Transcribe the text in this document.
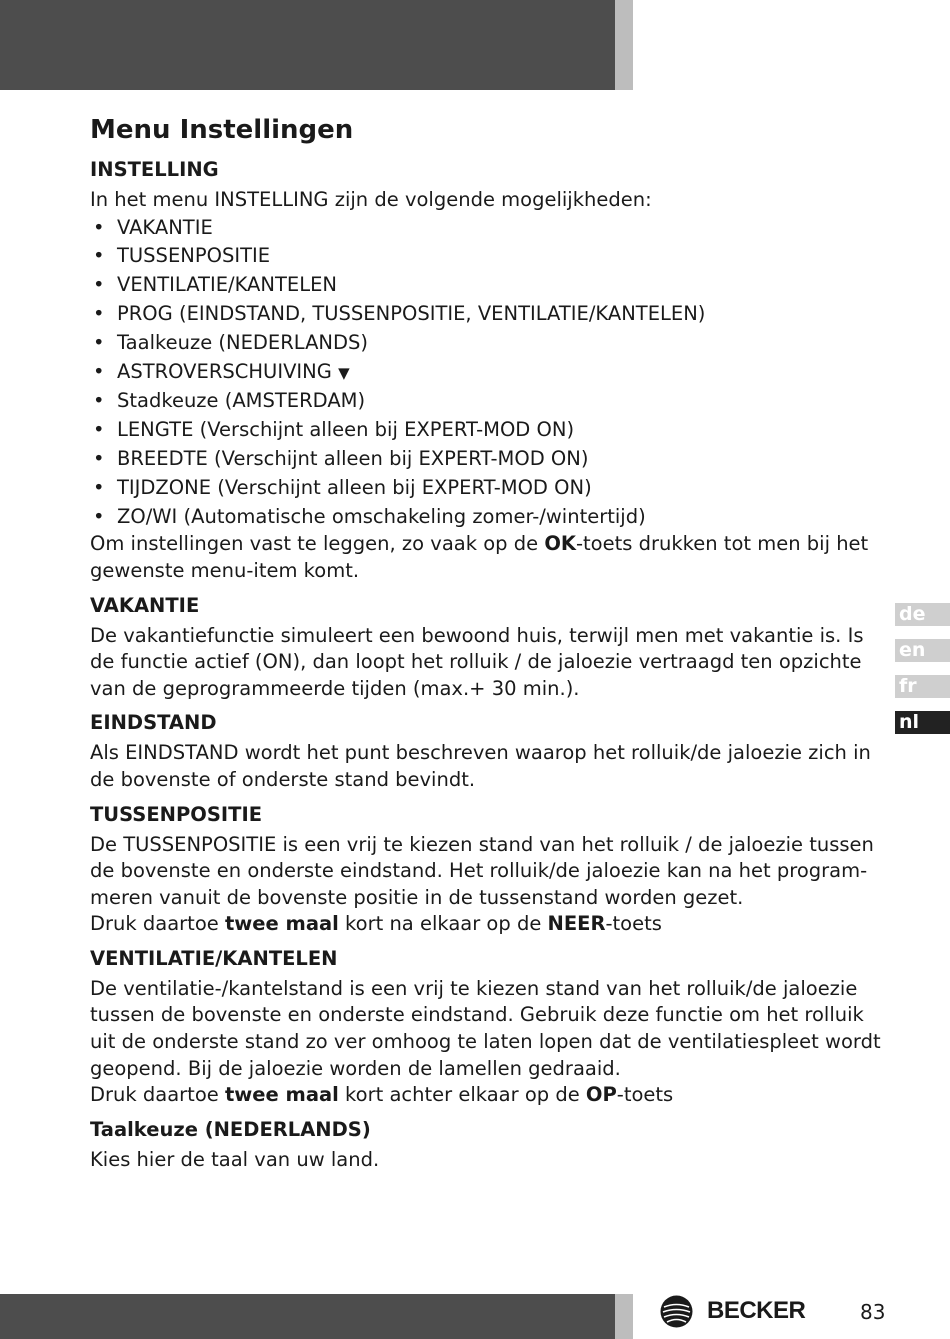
Menu Instellingen
INSTELLING

In het menu INSTELLING zijn de volgende mogelijkheden:

• VAKANTIE
• TUSSENPOSITIE
• VENTILATIE/KANTELEN
• PROG (EINDSTAND, TUSSENPOSITIE, VENTILATIE/KANTELEN)
• Taalkeuze (NEDERLANDS)
• ASTROVERSCHUIVING ▼
• Stadkeuze (AMSTERDAM)
• LENGTE (Verschijnt alleen bij EXPERT-MOD ON)
• BREEDTE (Verschijnt alleen bij EXPERT-MOD ON)
• TIJDZONE (Verschijnt alleen bij EXPERT-MOD ON)
• ZO/WI (Automatische omschakeling zomer-/wintertijd)

Om instellingen vast te leggen, zo vaak op de OK-toets drukken tot men bij het gewenste menu-item komt.

VAKANTIE

De vakantiefunctie simuleert een bewoond huis, terwijl men met vakantie is. Is de functie actief (ON), dan loopt het rolluik / de jaloezie vertraagd ten opzichte van de geprogrammeerde tijden (max.+ 30 min.).

EINDSTAND

Als EINDSTAND wordt het punt beschreven waarop het rolluik/de jaloezie zich in de bovenste of onderste stand bevindt.

TUSSENPOSITIE

De TUSSENPOSITIE is een vrij te kiezen stand van het rolluik / de jaloezie tussen de bovenste en onderste eindstand. Het rolluik/de jaloezie kan na het program-meren vanuit de bovenste positie in de tussenstand worden gezet.

Druk daartoe twee maal kort na elkaar op de NEER-toets

VENTILATIE/KANTELEN

De ventilatie-/kantelstand is een vrij te kiezen stand van het rolluik/de jaloezie tussen de bovenste en onderste eindstand. Gebruik deze functie om het rolluik uit de onderste stand zo ver omhoog te laten lopen dat de ventilatiespleet wordt geopend. Bij de jaloezie worden de lamellen gedraaid.

Druk daartoe twee maal kort achter elkaar op de OP-toets

Taalkeuze (NEDERLANDS)

Kies hier de taal van uw land.

de
en
fr
nl
BECKER	83
